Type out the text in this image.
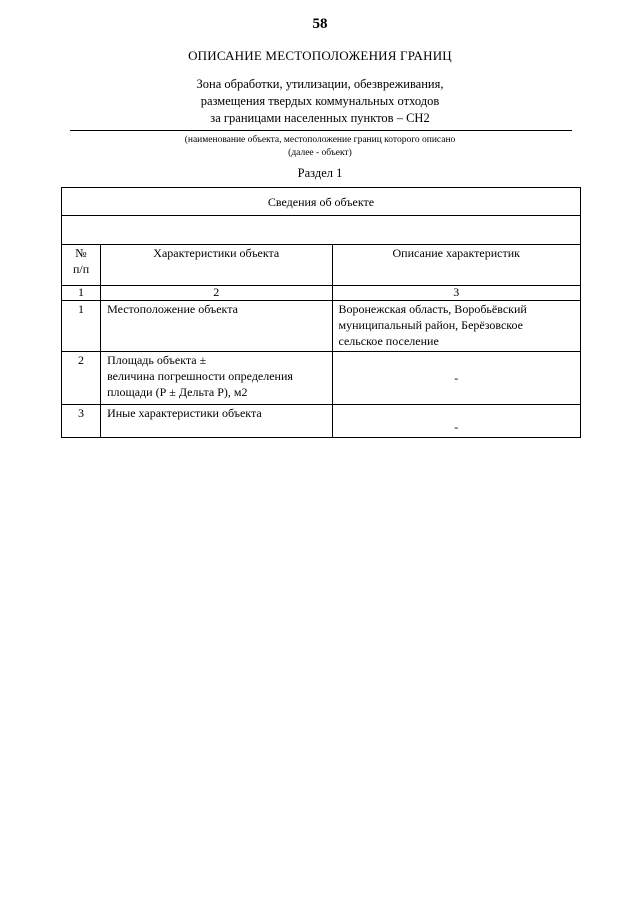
58
ОПИСАНИЕ МЕСТОПОЛОЖЕНИЯ ГРАНИЦ
Зона обработки, утилизации, обезвреживания,
размещения твердых коммунальных отходов
за границами населенных пунктов – СН2
(наименование объекта, местоположение границ которого описано
(далее - объект)
Раздел 1
Сведения об объекте		

№
п/п	Характеристики объекта	Описание характеристик
1	2	3
1	Местоположение объекта	Воронежская область, Воробьёвский
муниципальный район, Берёзовское
сельское поселение

2	Площадь объекта ±
величина погрешности определения
площади (Р ± Дельта Р), м2	-
3	Иные характеристики объекта	-
